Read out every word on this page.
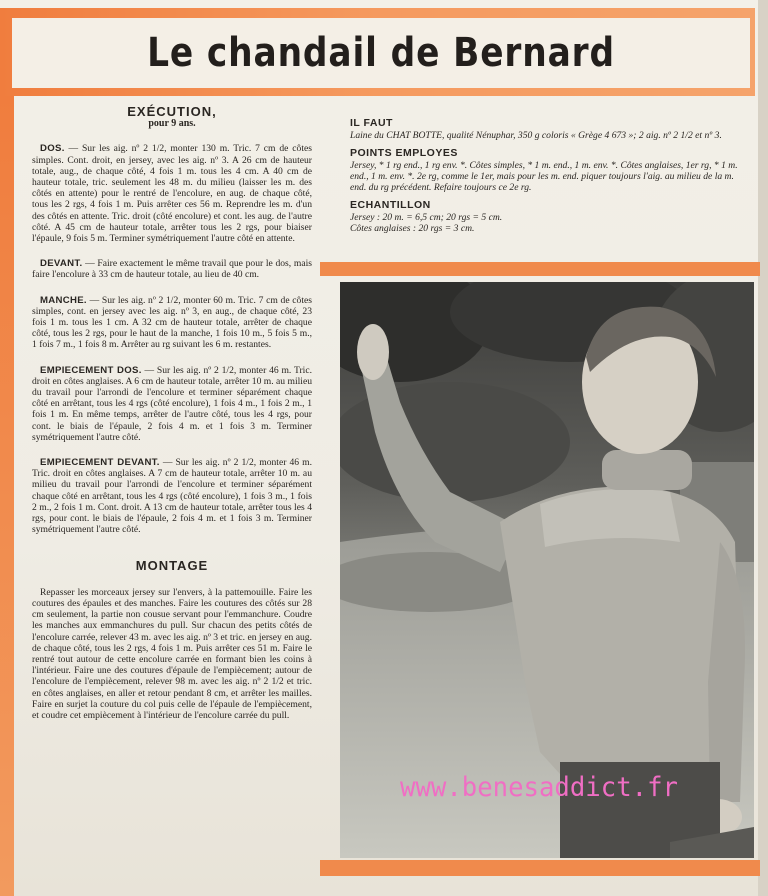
Le chandail de Bernard

EXÉCUTION,

pour 9 ans.

DOS. — Sur les aig. nº 2 1/2, monter 130 m. Tric. 7 cm de côtes simples. Cont. droit, en jersey, avec les aig. nº 3. A 26 cm de hauteur totale, aug., de chaque côté, 4 fois 1 m. tous les 4 cm. A 40 cm de hauteur totale, tric. seulement les 48 m. du milieu (laisser les m. des côtés en attente) pour le rentré de l'encolure, en aug. de chaque côté, tous les 2 rgs, 4 fois 1 m. Puis arrêter ces 56 m. Reprendre les m. d'un des côtés en attente. Tric. droit (côté encolure) et cont. les aug. de l'autre côté. A 45 cm de hauteur totale, arrêter tous les 2 rgs, pour biaiser l'épaule, 9 fois 5 m. Terminer symétriquement l'autre côté en attente.

DEVANT. — Faire exactement le même travail que pour le dos, mais faire l'encolure à 33 cm de hauteur totale, au lieu de 40 cm.

MANCHE. — Sur les aig. nº 2 1/2, monter 60 m. Tric. 7 cm de côtes simples, cont. en jersey avec les aig. nº 3, en aug., de chaque côté, 23 fois 1 m. tous les 1 cm. A 32 cm de hauteur totale, arrêter de chaque côté, tous les 2 rgs, pour le haut de la manche, 1 fois 10 m., 5 fois 5 m., 1 fois 7 m., 1 fois 8 m. Arrêter au rg suivant les 6 m. restantes.

EMPIECEMENT DOS. — Sur les aig. nº 2 1/2, monter 46 m. Tric. droit en côtes anglaises. A 6 cm de hauteur totale, arrêter 10 m. au milieu du travail pour l'arrondi de l'encolure et terminer séparément chaque côté en arrêtant, tous les 4 rgs (côté encolure), 1 fois 4 m., 1 fois 2 m., 1 fois 1 m. En même temps, arrêter de l'autre côté, tous les 4 rgs, pour cont. le biais de l'épaule, 2 fois 4 m. et 1 fois 3 m. Terminer symétriquement l'autre côté.

EMPIECEMENT DEVANT. — Sur les aig. nº 2 1/2, monter 46 m. Tric. droit en côtes anglaises. A 7 cm de hauteur totale, arrêter 10 m. au milieu du travail pour l'arrondi de l'encolure et terminer séparément chaque côté en arrêtant, tous les 4 rgs (côté encolure), 1 fois 3 m., 1 fois 2 m., 2 fois 1 m. Cont. droit. A 13 cm de hauteur totale, arrêter tous les 4 rgs, pour cont. le biais de l'épaule, 2 fois 4 m. et 1 fois 3 m. Terminer symétriquement l'autre côté.

MONTAGE

Repasser les morceaux jersey sur l'envers, à la pattemouille. Faire les coutures des épaules et des manches. Faire les coutures des côtés sur 28 cm seulement, la partie non cousue servant pour l'emmanchure. Coudre les manches aux emmanchures du pull. Sur chacun des petits côtés de l'encolure carrée, relever 43 m. avec les aig. nº 3 et tric. en jersey en aug. de chaque côté, tous les 2 rgs, 4 fois 1 m. Puis arrêter ces 51 m. Faire le rentré tout autour de cette encolure carrée en formant bien les coins à l'intérieur. Faire une des coutures d'épaule de l'empiècement; autour de l'encolure de l'empiècement, relever 98 m. avec les aig. nº 2 1/2 et tric. en côtes anglaises, en aller et retour pendant 8 cm, et arrêter les mailles. Faire en surjet la couture du col puis celle de l'épaule de l'empiècement, et coudre cet empiècement à l'intérieur de l'encolure carrée du pull.

IL FAUT

Laine du CHAT BOTTE, qualité Nénuphar, 350 g coloris « Grège 4 673 »; 2 aig. nº 2 1/2 et nº 3.

POINTS EMPLOYES

Jersey, * 1 rg end., 1 rg env. *. Côtes simples, * 1 m. end., 1 m. env. *. Côtes anglaises, 1er rg, * 1 m. end., 1 m. env. *. 2e rg, comme le 1er, mais pour les m. end. piquer toujours l'aig. au milieu de la m. end. du rg précédent. Refaire toujours ce 2e rg.

ECHANTILLON

Jersey : 20 m. = 6,5 cm; 20 rgs = 5 cm.

Côtes anglaises : 20 rgs = 3 cm.

www.benesaddict.fr
